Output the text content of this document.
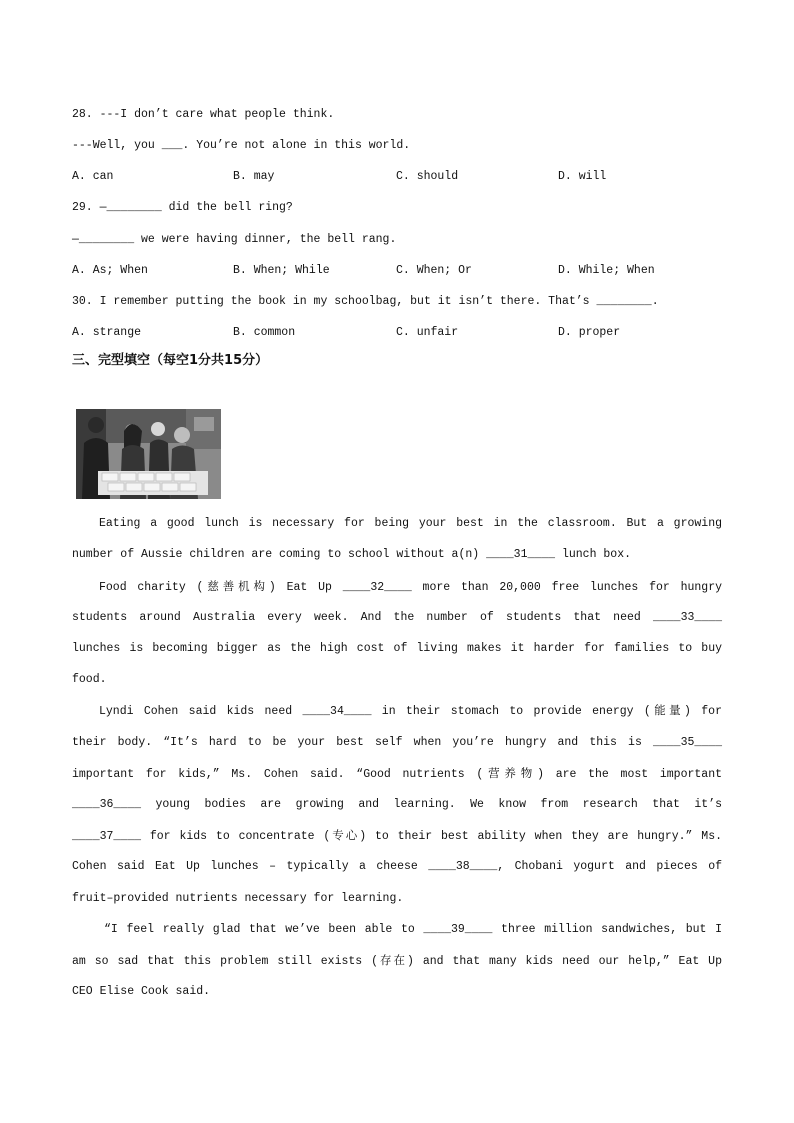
28. ---I don’t care what people think.
---Well, you ___. You’re not alone in this world.
A. can	B. may	C. should	D. will
29. —________ did the bell ring?
—________ we were having dinner, the bell rang.
A. As; When	B. When; While	C. When; Or	D. While; When
30. I remember putting the book in my schoolbag, but it isn’t there. That’s ________.
A. strange	B. common	C. unfair	D. proper
三、完型填空（每空1分共15分）
Eating a good lunch is necessary for being your best in the classroom. But a growing
number of Aussie children are coming to school without a(n) ____31____ lunch box.
Food charity (慈善机构) Eat Up ____32____ more than 20,000 free lunches for hungry
students around Australia every week. And the number of students that need ____33____
lunches is becoming bigger as the high cost of living makes it harder for families to buy
food.
Lyndi Cohen said kids need ____34____ in their stomach to provide energy (能量) for
their body. “It’s hard to be your best self when you’re hungry and this is ____35____
important for kids,” Ms. Cohen said. “Good nutrients (营养物) are the most important
____36____ young bodies are growing and learning. We know from research that it’s
____37____ for kids to concentrate (专心) to their best ability when they are hungry.” Ms.
Cohen said Eat Up lunches – typically a cheese ____38____, Chobani yogurt and pieces of
fruit–provided nutrients necessary for learning.
“I feel really glad that we’ve been able to ____39____ three million sandwiches, but I
am so sad that this problem still exists (存在) and that many kids need our help,” Eat Up
CEO Elise Cook said.
